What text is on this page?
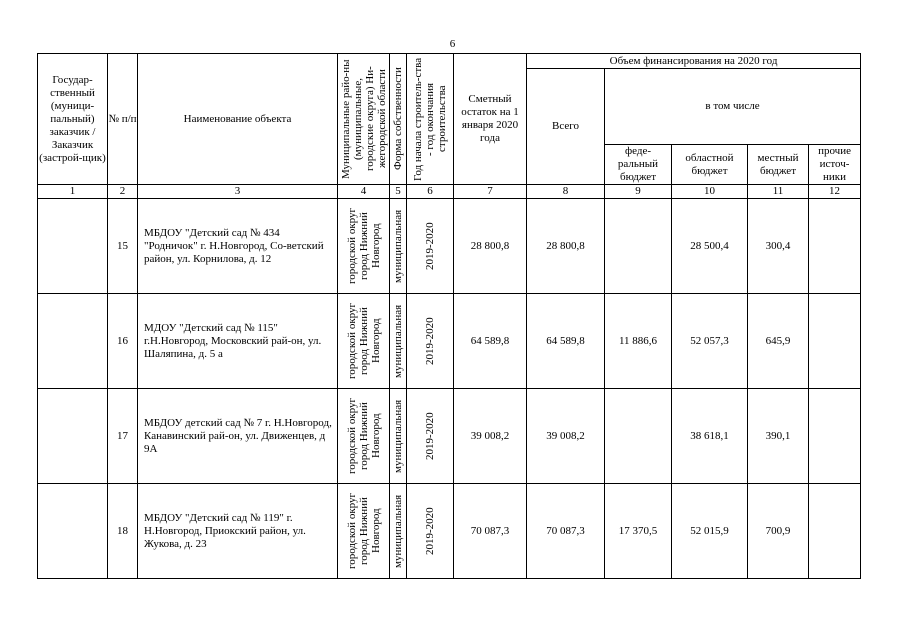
6
Государ-ственный (муници-пальный) заказчик / Заказчик (застрой-щик)	№ п/п	Наименование объекта	Муниципальные райо-ны (муниципальные, городские округа) Ни-жегородской области	Форма собственности	Год начала строитель-ства - год окончания строительства	Сметный остаток на 1 января 2020 года	Объем финансирования на 2020 год				
							Всего	в том числе			
								феде-ральный бюджет	областной бюджет	местный бюджет	прочие источ-ники
1	2	3	4	5	6	7	8	9	10	11	12
	15	МБДОУ "Детский сад № 434 "Родничок" г. Н.Новгород, Со-ветский район, ул. Корнилова, д. 12	городской округ город Нижний Новгород	муниципальная	2019-2020	28 800,8	28 800,8		28 500,4	300,4	
	16	МДОУ "Детский сад № 115" г.Н.Новгород, Московский рай-он, ул. Шаляпина, д. 5 а	городской округ город Нижний Новгород	муниципальная	2019-2020	64 589,8	64 589,8	11 886,6	52 057,3	645,9	
	17	МБДОУ детский сад № 7 г. Н.Новгород, Канавинский рай-он, ул. Движенцев, д 9А	городской округ город Нижний Новгород	муниципальная	2019-2020	39 008,2	39 008,2		38 618,1	390,1	
	18	МБДОУ "Детский сад № 119" г. Н.Новгород, Приокский район, ул. Жукова, д. 23	городской округ город Нижний Новгород	муниципальная	2019-2020	70 087,3	70 087,3	17 370,5	52 015,9	700,9	
